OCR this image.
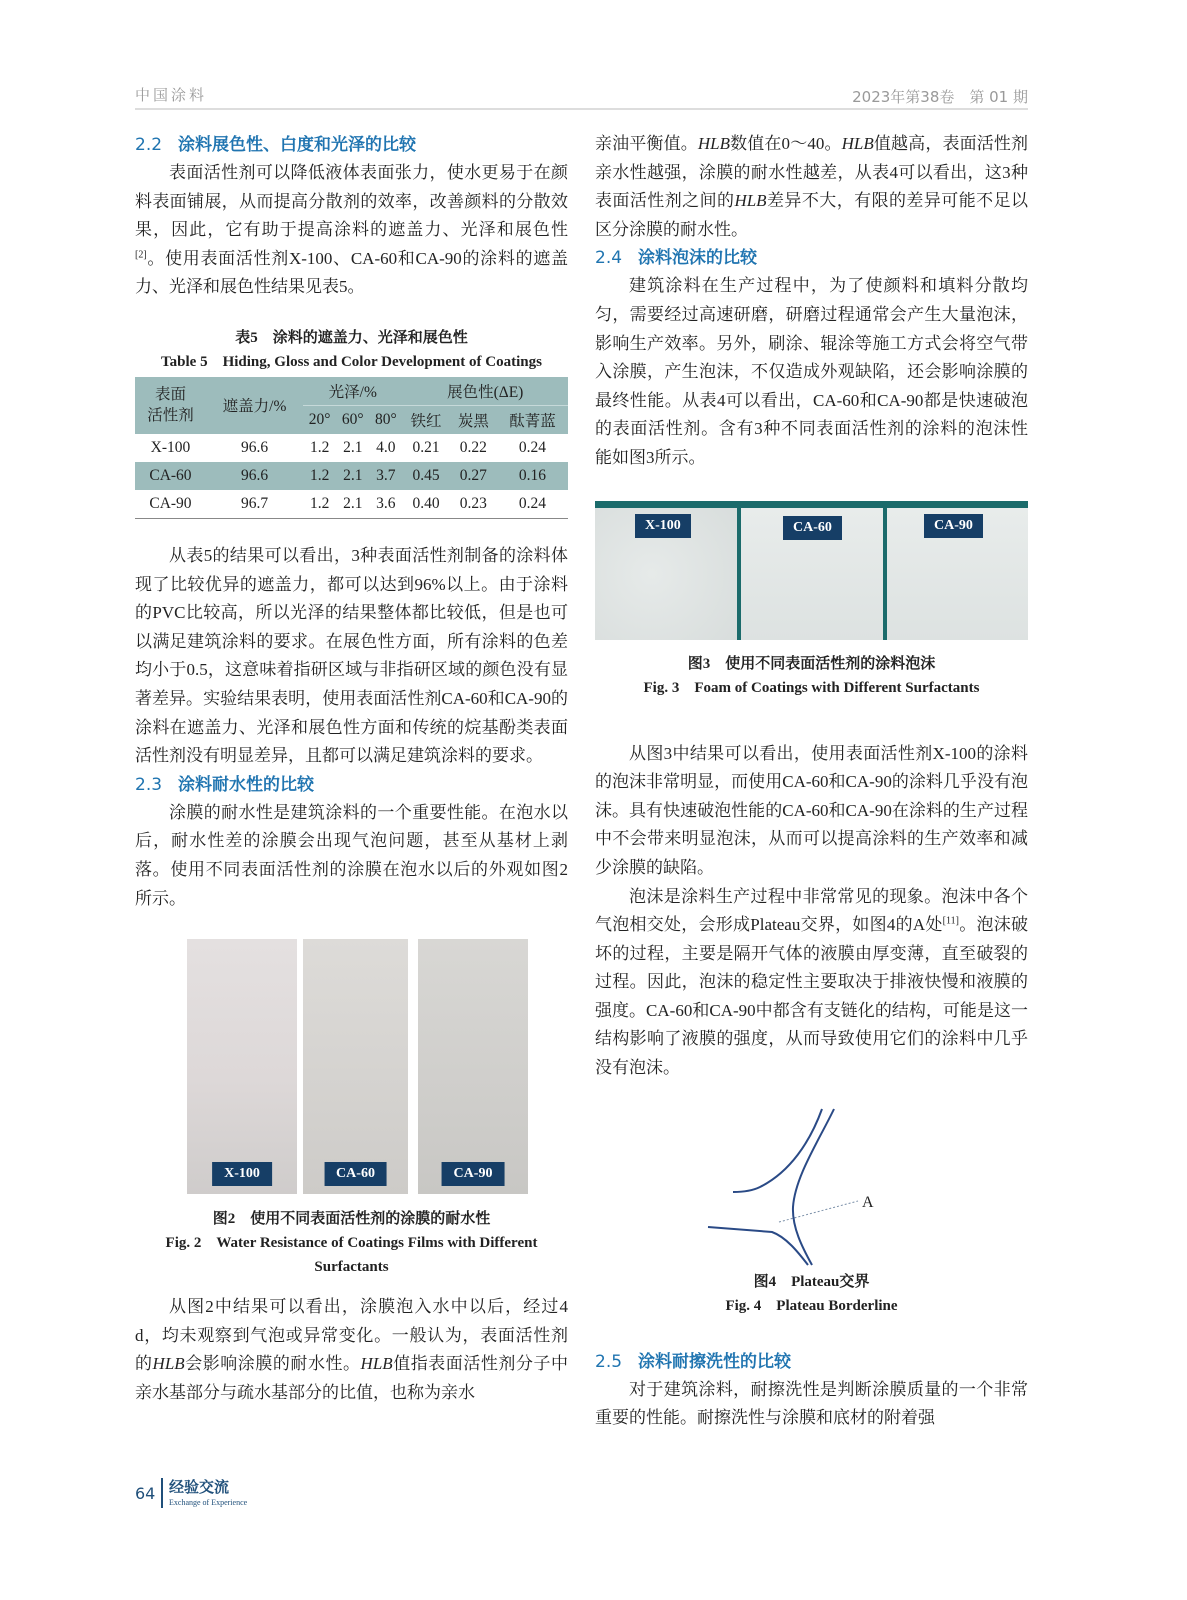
中国涂料	2023年第38卷　第 01 期
2.2 涂料展色性、白度和光泽的比较
表面活性剂可以降低液体表面张力，使水更易于在颜料表面铺展，从而提高分散剂的效率，改善颜料的分散效果，因此，它有助于提高涂料的遮盖力、光泽和展色性[2]。使用表面活性剂X-100、CA-60和CA-90的涂料的遮盖力、光泽和展色性结果见表5。
表5　涂料的遮盖力、光泽和展色性
Table 5　Hiding, Gloss and Color Development of Coatings
表面
活性剂	遮盖力/%	光泽/%			展色性(ΔE)		
		20°	60°	80°	铁红	炭黑	酞菁蓝
X-100	96.6	1.2	2.1	4.0	0.21	0.22	0.24
CA-60	96.6	1.2	2.1	3.7	0.45	0.27	0.16
CA-90	96.7	1.2	2.1	3.6	0.40	0.23	0.24
从表5的结果可以看出，3种表面活性剂制备的涂料体现了比较优异的遮盖力，都可以达到96%以上。由于涂料的PVC比较高，所以光泽的结果整体都比较低，但是也可以满足建筑涂料的要求。在展色性方面，所有涂料的色差均小于0.5，这意味着指研区域与非指研区域的颜色没有显著差异。实验结果表明，使用表面活性剂CA-60和CA-90的涂料在遮盖力、光泽和展色性方面和传统的烷基酚类表面活性剂没有明显差异，且都可以满足建筑涂料的要求。
2.3 涂料耐水性的比较
涂膜的耐水性是建筑涂料的一个重要性能。在泡水以后，耐水性差的涂膜会出现气泡问题，甚至从基材上剥落。使用不同表面活性剂的涂膜在泡水以后的外观如图2所示。
X-100	CA-60	CA-90
图2　使用不同表面活性剂的涂膜的耐水性
Fig. 2　Water Resistance of Coatings Films with Different Surfactants
从图2中结果可以看出，涂膜泡入水中以后，经过4 d，均未观察到气泡或异常变化。一般认为，表面活性剂的HLB会影响涂膜的耐水性。HLB值指表面活性剂分子中亲水基部分与疏水基部分的比值，也称为亲水
亲油平衡值。HLB数值在0～40。HLB值越高，表面活性剂亲水性越强，涂膜的耐水性越差，从表4可以看出，这3种表面活性剂之间的HLB差异不大，有限的差异可能不足以区分涂膜的耐水性。
2.4 涂料泡沫的比较
建筑涂料在生产过程中，为了使颜料和填料分散均匀，需要经过高速研磨，研磨过程通常会产生大量泡沫，影响生产效率。另外，刷涂、辊涂等施工方式会将空气带入涂膜，产生泡沫，不仅造成外观缺陷，还会影响涂膜的最终性能。从表4可以看出，CA-60和CA-90都是快速破泡的表面活性剂。含有3种不同表面活性剂的涂料的泡沫性能如图3所示。
X-100	CA-60	CA-90
图3　使用不同表面活性剂的涂料泡沫
Fig. 3　Foam of Coatings with Different Surfactants
从图3中结果可以看出，使用表面活性剂X-100的涂料的泡沫非常明显，而使用CA-60和CA-90的涂料几乎没有泡沫。具有快速破泡性能的CA-60和CA-90在涂料的生产过程中不会带来明显泡沫，从而可以提高涂料的生产效率和减少涂膜的缺陷。
泡沫是涂料生产过程中非常常见的现象。泡沫中各个气泡相交处，会形成Plateau交界，如图4的A处[11]。泡沫破坏的过程，主要是隔开气体的液膜由厚变薄，直至破裂的过程。因此，泡沫的稳定性主要取决于排液快慢和液膜的强度。CA-60和CA-90中都含有支链化的结构，可能是这一结构影响了液膜的强度，从而导致使用它们的涂料中几乎没有泡沫。
A
图4　Plateau交界
Fig. 4　Plateau Borderline
2.5 涂料耐擦洗性的比较
对于建筑涂料，耐擦洗性是判断涂膜质量的一个非常重要的性能。耐擦洗性与涂膜和底材的附着强
64 经验交流
Exchange of Experience
